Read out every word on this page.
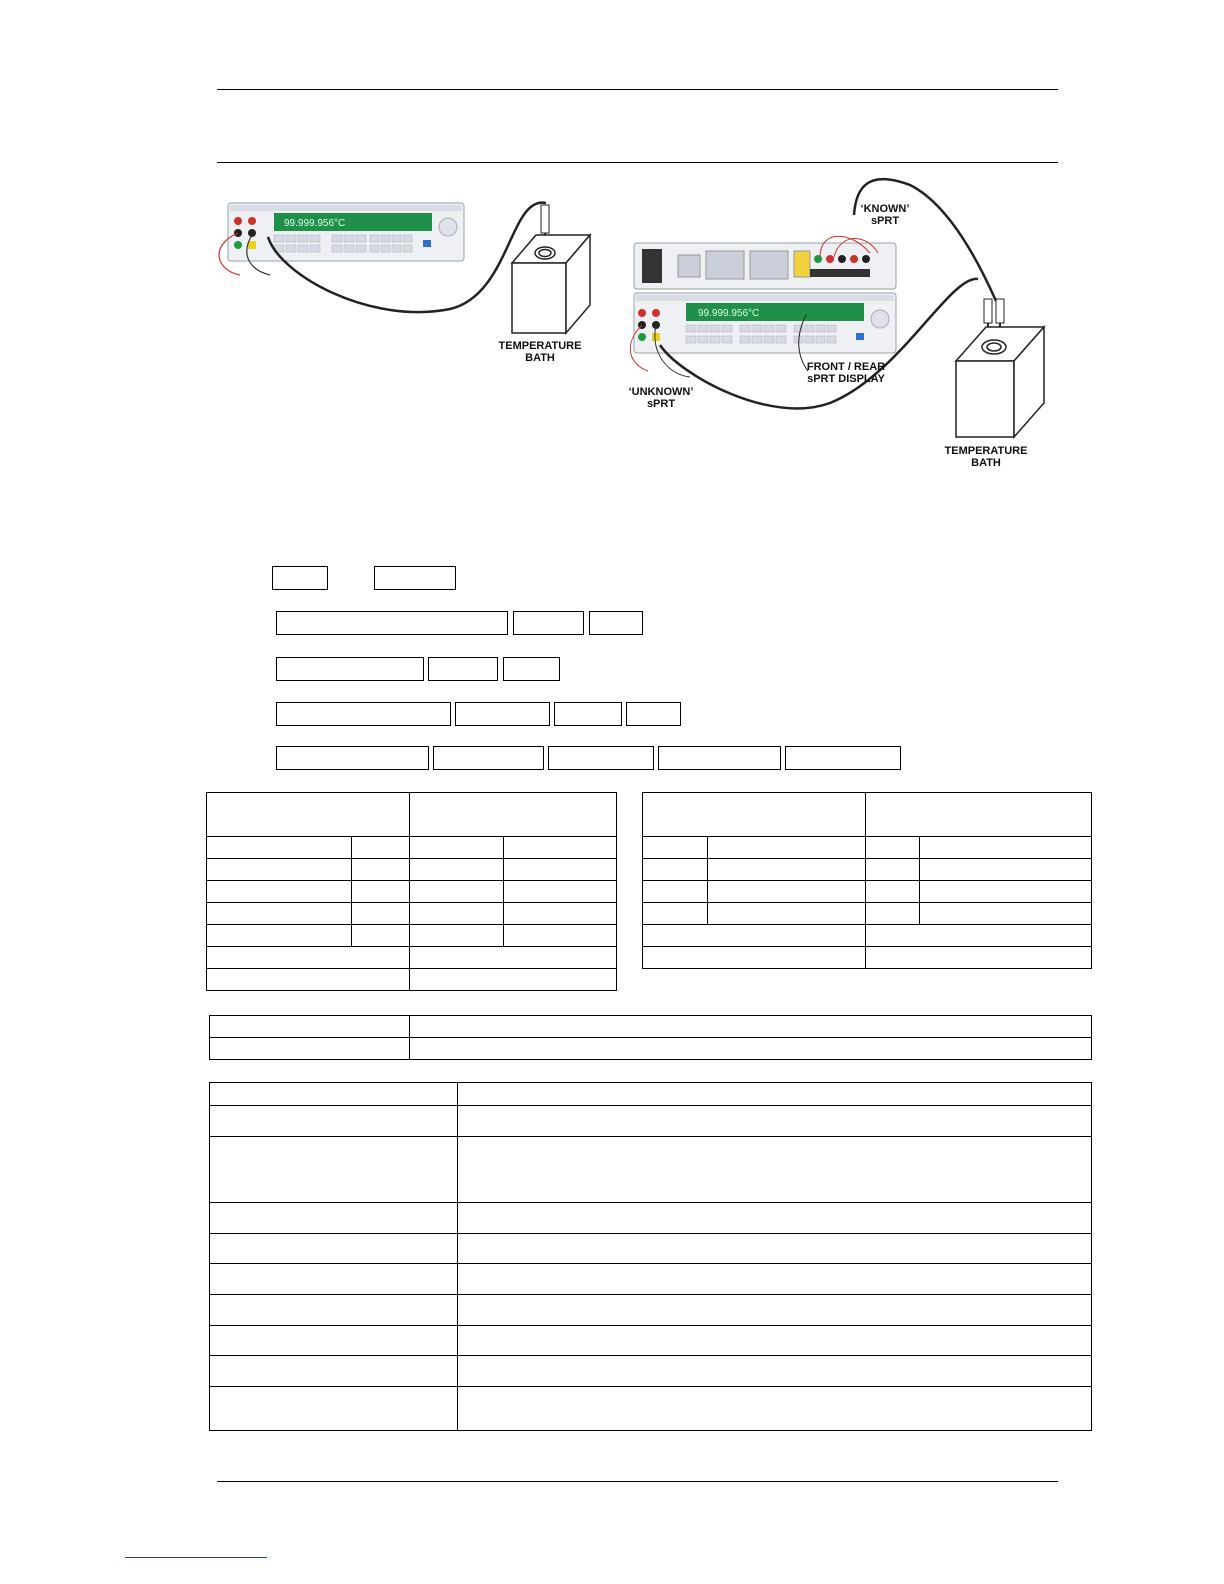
99.999.956°C
99.999.956°C
TEMPERATURE
BATH
‘KNOWN’
sPRT
‘UNKNOWN’
sPRT
FRONT / REAR
sPRT DISPLAY
TEMPERATURE
BATH
